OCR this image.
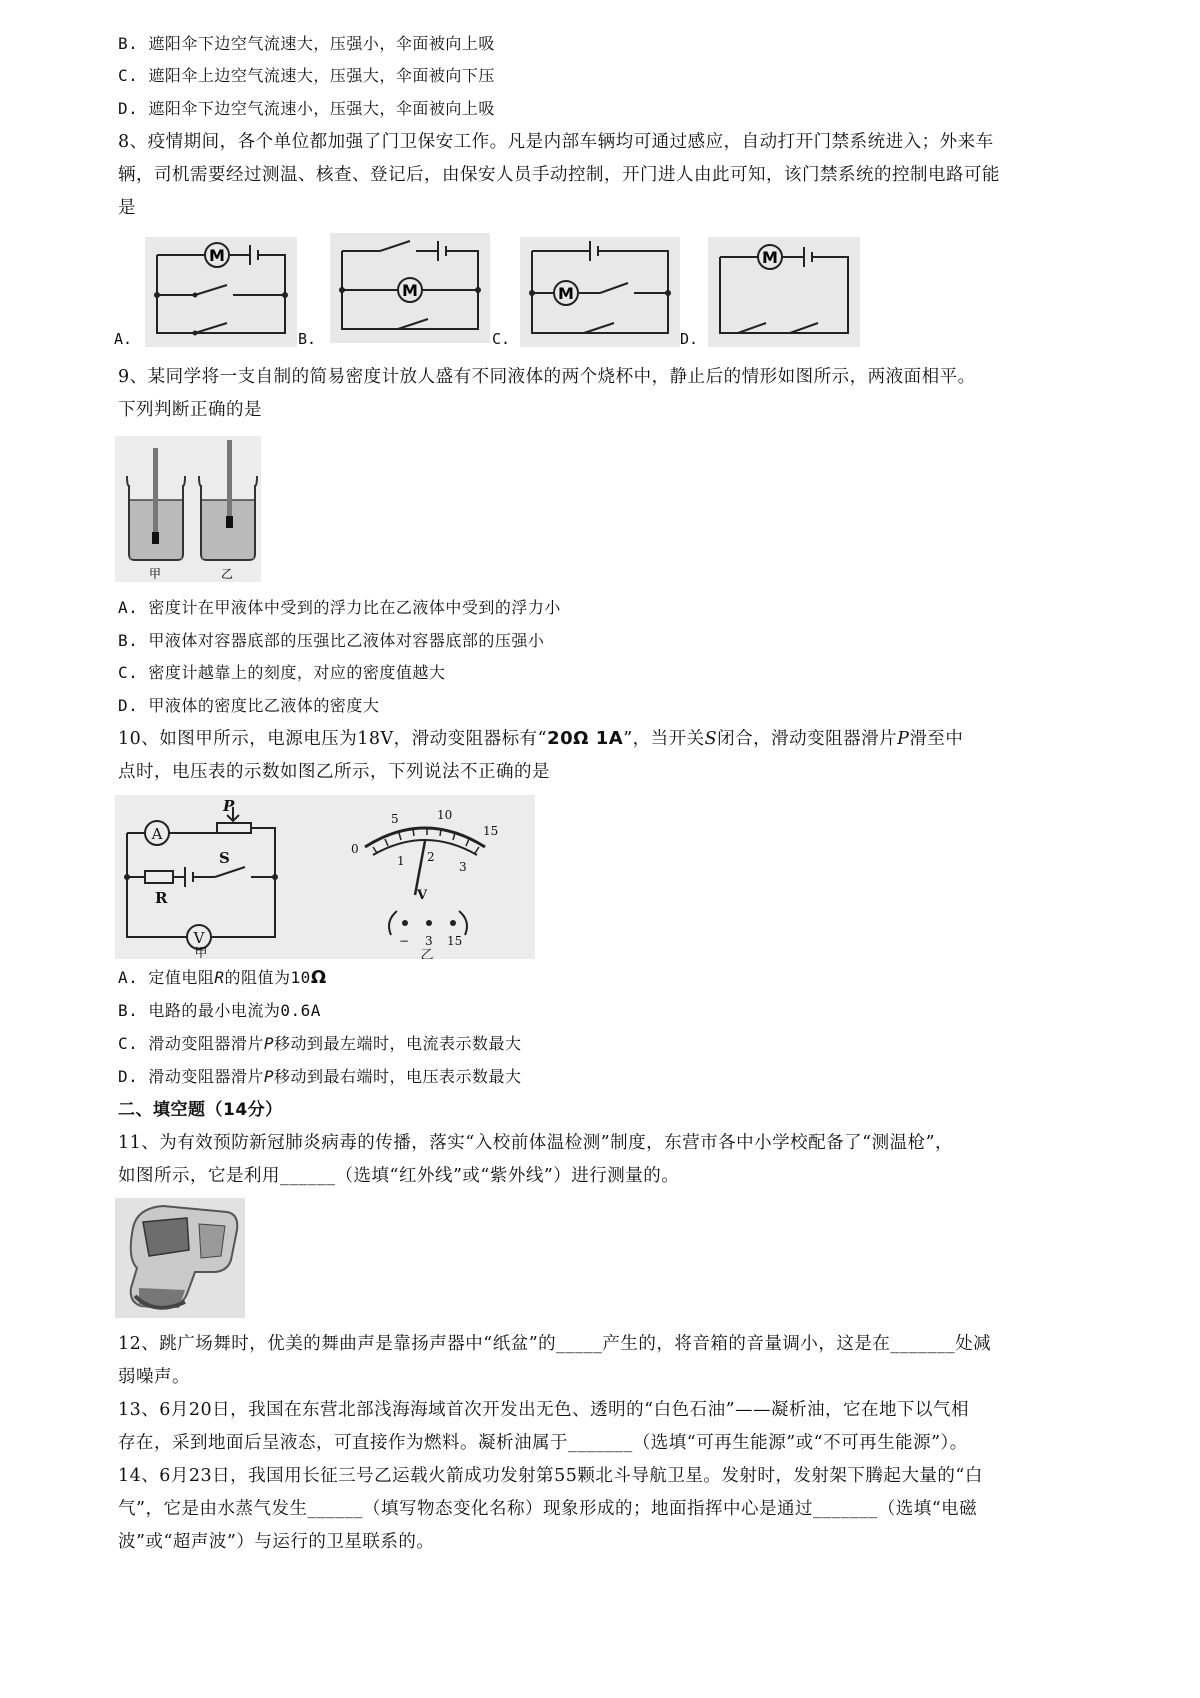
B. 遮阳伞下边空气流速大，压强小，伞面被向上吸
C. 遮阳伞上边空气流速大，压强大，伞面被向下压
D. 遮阳伞下边空气流速小，压强大，伞面被向上吸
8、疫情期间，各个单位都加强了门卫保安工作。凡是内部车辆均可通过感应，自动打开门禁系统进入；外来车
辆，司机需要经过测温、核查、登记后，由保安人员手动控制，开门进人由此可知，该门禁系统的控制电路可能
是
A.
M
B.
M
C.
M
D.
M
9、某同学将一支自制的简易密度计放人盛有不同液体的两个烧杯中，静止后的情形如图所示，两液面相平。
下列判断正确的是
甲	乙
A. 密度计在甲液体中受到的浮力比在乙液体中受到的浮力小
B. 甲液体对容器底部的压强比乙液体对容器底部的压强小
C. 密度计越靠上的刻度，对应的密度值越大
D. 甲液体的密度比乙液体的密度大
10、如图甲所示，电源电压为18V，滑动变阻器标有“20Ω 1A”，当开关S闭合，滑动变阻器滑片P滑至中
点时，电压表的示数如图乙所示，下列说法不正确的是
A
P
S
R
V
甲
0
5	10
15
1 2
3
V
− 3 15
乙
A. 定值电阻R的阻值为10Ω
B. 电路的最小电流为0.6A
C. 滑动变阻器滑片P移动到最左端时，电流表示数最大
D. 滑动变阻器滑片P移动到最右端时，电压表示数最大
二、填空题（14分）
11、为有效预防新冠肺炎病毒的传播，落实“入校前体温检测”制度，东营市各中小学校配备了“测温枪”，
如图所示，它是利用______（选填“红外线”或“紫外线”）进行测量的。
12、跳广场舞时，优美的舞曲声是靠扬声器中“纸盆”的_____产生的，将音箱的音量调小，这是在_______处减
弱噪声。
13、6月20日，我国在东营北部浅海海域首次开发出无色、透明的“白色石油”——凝析油，它在地下以气相
存在，采到地面后呈液态，可直接作为燃料。凝析油属于_______（选填“可再生能源”或“不可再生能源”）。
14、6月23日，我国用长征三号乙运载火箭成功发射第55颗北斗导航卫星。发射时，发射架下腾起大量的“白
气”，它是由水蒸气发生______（填写物态变化名称）现象形成的；地面指挥中心是通过_______（选填“电磁
波”或“超声波”）与运行的卫星联系的。
